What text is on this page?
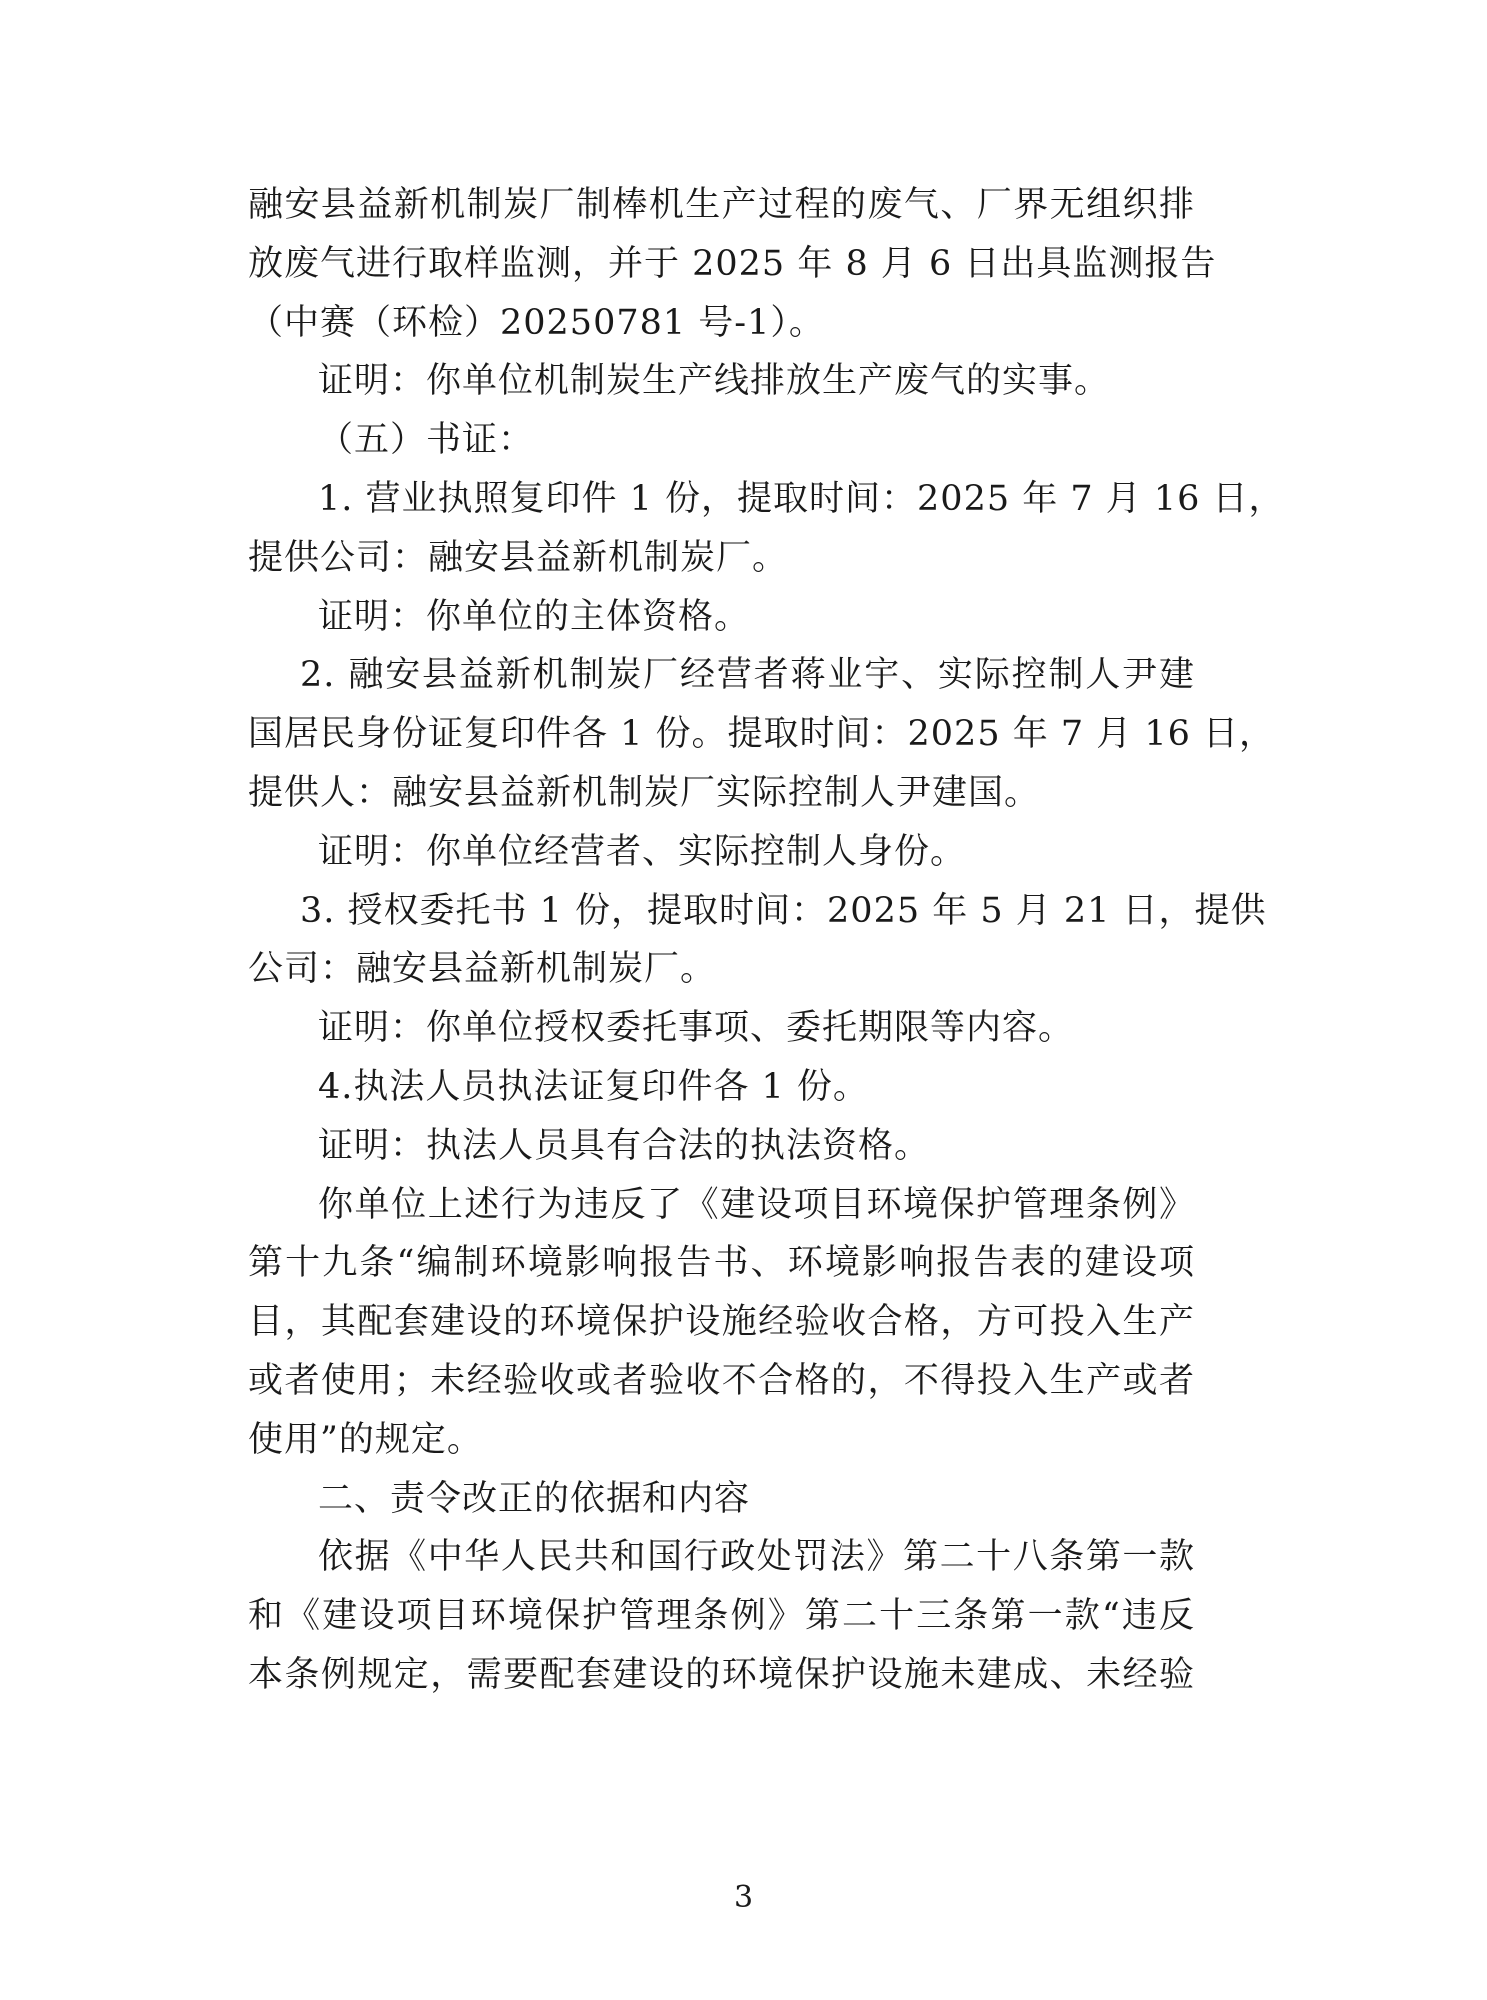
融安县益新机制炭厂制棒机生产过程的废气、厂界无组织排
放废气进行取样监测，并于 2025 年 8 月 6 日出具监测报告
（中赛（环检）20250781 号-1）。
证明：你单位机制炭生产线排放生产废气的实事。
（五）书证：
1. 营业执照复印件 1 份，提取时间：2025 年 7 月 16 日，
提供公司：融安县益新机制炭厂。
证明：你单位的主体资格。
2. 融安县益新机制炭厂经营者蒋业宇、实际控制人尹建
国居民身份证复印件各 1 份。提取时间：2025 年 7 月 16 日，
提供人：融安县益新机制炭厂实际控制人尹建国。
证明：你单位经营者、实际控制人身份。
3. 授权委托书 1 份，提取时间：2025 年 5 月 21 日，提供
公司：融安县益新机制炭厂。
证明：你单位授权委托事项、委托期限等内容。
4.执法人员执法证复印件各 1 份。
证明：执法人员具有合法的执法资格。
你单位上述行为违反了《建设项目环境保护管理条例》
第十九条“编制环境影响报告书、环境影响报告表的建设项
目，其配套建设的环境保护设施经验收合格，方可投入生产
或者使用；未经验收或者验收不合格的，不得投入生产或者
使用”的规定。
二、责令改正的依据和内容
依据《中华人民共和国行政处罚法》第二十八条第一款
和《建设项目环境保护管理条例》第二十三条第一款“违反
本条例规定，需要配套建设的环境保护设施未建成、未经验
3
